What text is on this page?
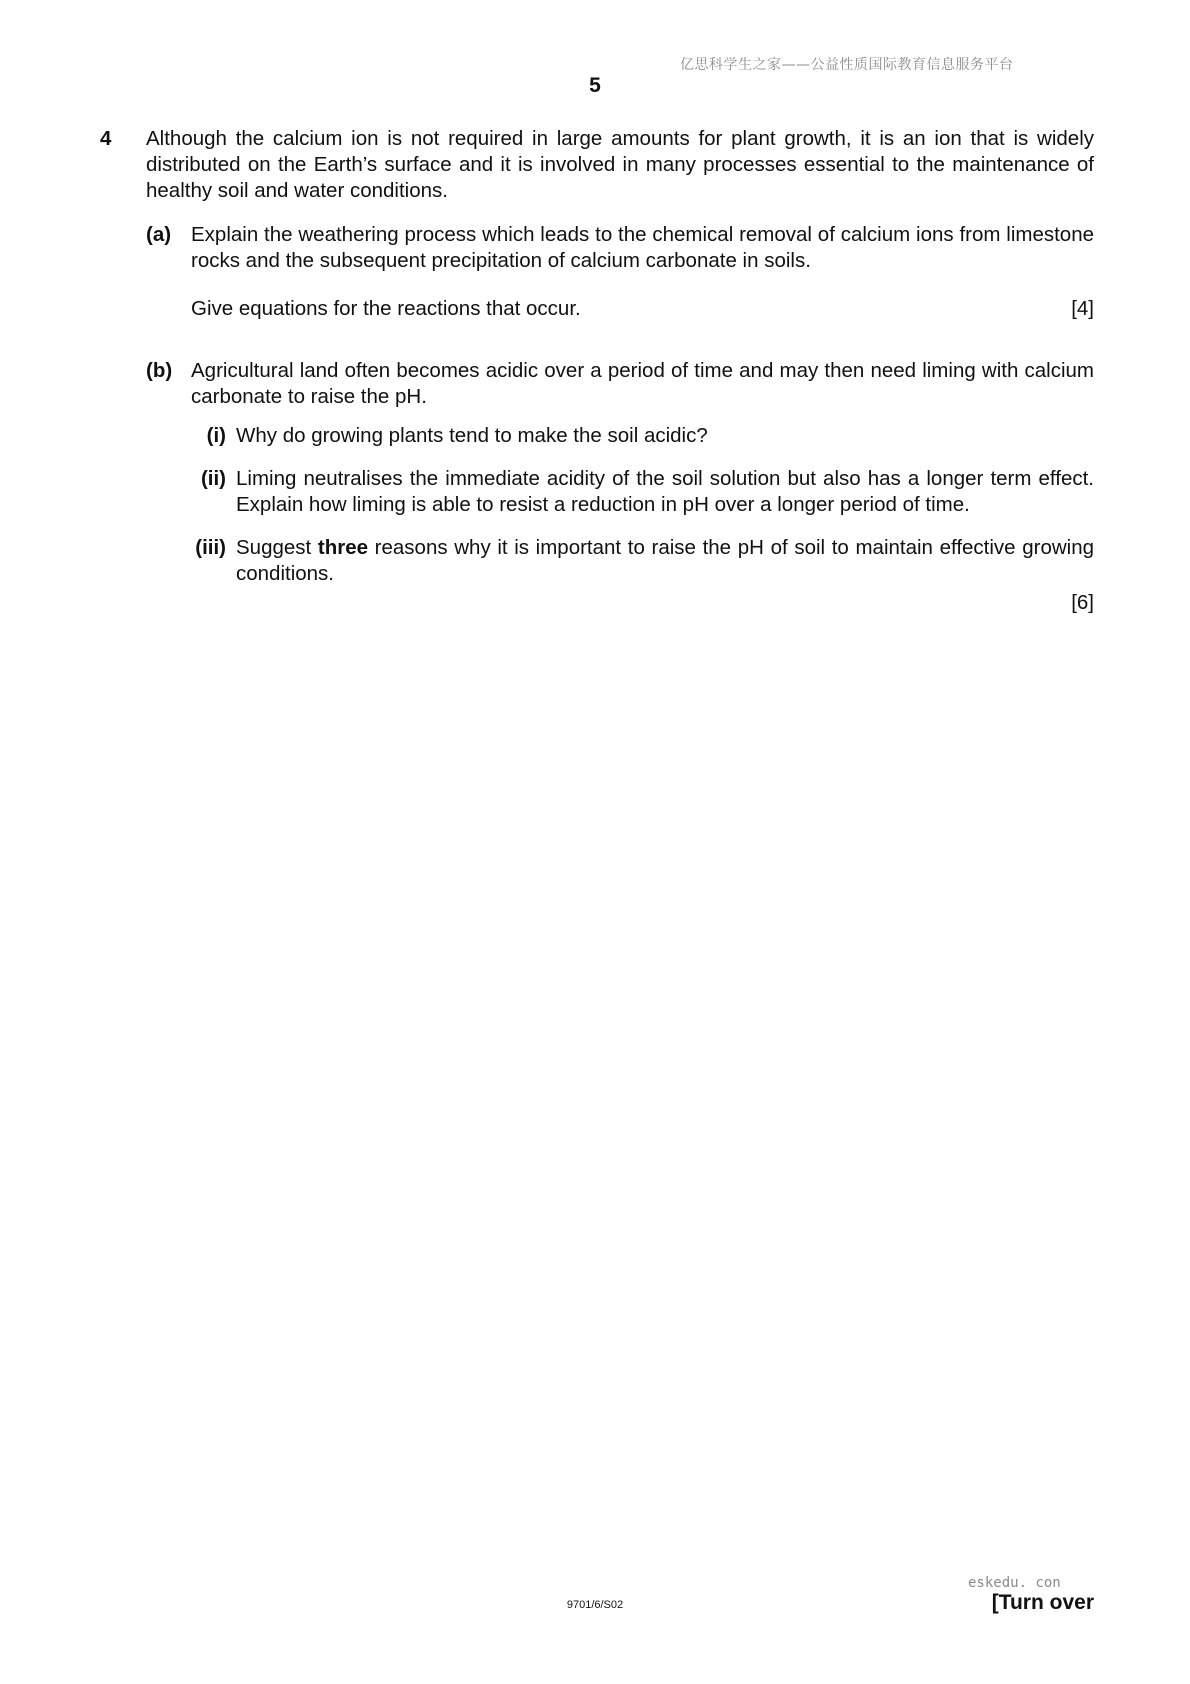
亿思科学生之家——公益性质国际教育信息服务平台
5
4 Although the calcium ion is not required in large amounts for plant growth, it is an ion that is widely distributed on the Earth’s surface and it is involved in many processes essential to the maintenance of healthy soil and water conditions.
(a) Explain the weathering process which leads to the chemical removal of calcium ions from limestone rocks and the subsequent precipitation of calcium carbonate in soils.
Give equations for the reactions that occur.	[4]
(b) Agricultural land often becomes acidic over a period of time and may then need liming with calcium carbonate to raise the pH.
(i) Why do growing plants tend to make the soil acidic?
(ii) Liming neutralises the immediate acidity of the soil solution but also has a longer term effect. Explain how liming is able to resist a reduction in pH over a longer period of time.
(iii) Suggest three reasons why it is important to raise the pH of soil to maintain effective growing conditions.
[6]
eskedu. con
9701/6/S02	[Turn over
